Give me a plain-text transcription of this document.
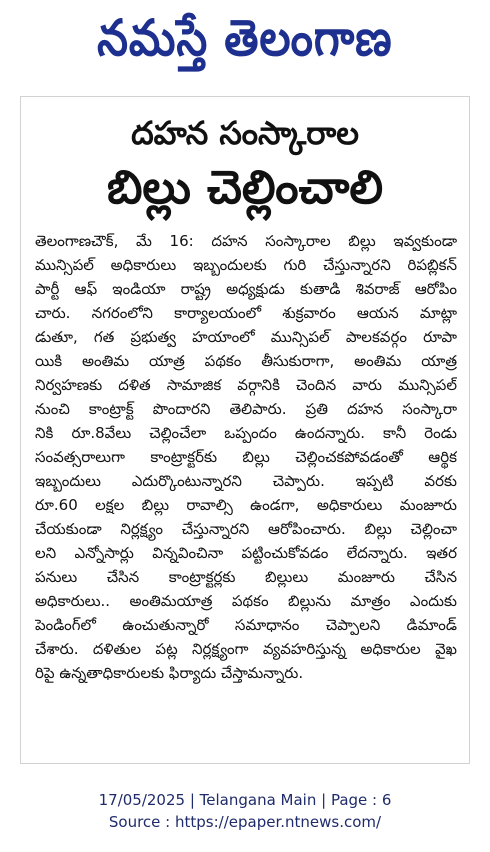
నమస్తే తెలంగాణ
దహన సంస్కారాల
బిల్లు చెల్లించాలి
తెలంగాణచౌక్, మే 16: దహన సంస్కారాల బిల్లు ఇవ్వకుండా
మున్సిపల్ అధికారులు ఇబ్బందులకు గురి చేస్తున్నారని రిపబ్లికన్
పార్టీ ఆఫ్ ఇండియా రాష్ట్ర అధ్యక్షుడు కుతాడి శివరాజ్ ఆరోపిం
చారు. నగరంలోని కార్యాలయంలో శుక్రవారం ఆయన మాట్లా
డుతూ, గత ప్రభుత్వ హయాంలో మున్సిపల్ పాలకవర్గం రూపా
యికి అంతిమ యాత్ర పథకం తీసుకురాగా, అంతిమ యాత్ర
నిర్వహణకు దళిత సామాజిక వర్గానికి చెందిన వారు మున్సిపల్
నుంచి కాంట్రాక్ట్ పొందారని తెలిపారు. ప్రతి దహన సంస్కారా
నికి రూ.8వేలు చెల్లించేలా ఒప్పందం ఉందన్నారు. కానీ రెండు
సంవత్సరాలుగా కాంట్రాక్టర్‌కు బిల్లు చెల్లించకపోవడంతో ఆర్థిక
ఇబ్బందులు ఎదుర్కొంటున్నారని చెప్పారు. ఇప్పటి వరకు
రూ.60 లక్షల బిల్లు రావాల్సి ఉండగా, అధికారులు మంజూరు
చేయకుండా నిర్లక్ష్యం చేస్తున్నారని ఆరోపించారు. బిల్లు చెల్లించా
లని ఎన్నోసార్లు విన్నవించినా పట్టించుకోవడం లేదన్నారు. ఇతర
పనులు చేసిన కాంట్రాక్టర్లకు బిల్లులు మంజూరు చేసిన
అధికారులు.. అంతిమయాత్ర పథకం బిల్లును మాత్రం ఎందుకు
పెండింగ్‌లో ఉంచుతున్నారో సమాధానం చెప్పాలని డిమాండ్
చేశారు. దళితుల పట్ల నిర్లక్ష్యంగా వ్యవహరిస్తున్న అధికారుల వైఖ
రిపై ఉన్నతాధికారులకు ఫిర్యాదు చేస్తామన్నారు.
17/05/2025 | Telangana Main | Page : 6
Source : https://epaper.ntnews.com/
